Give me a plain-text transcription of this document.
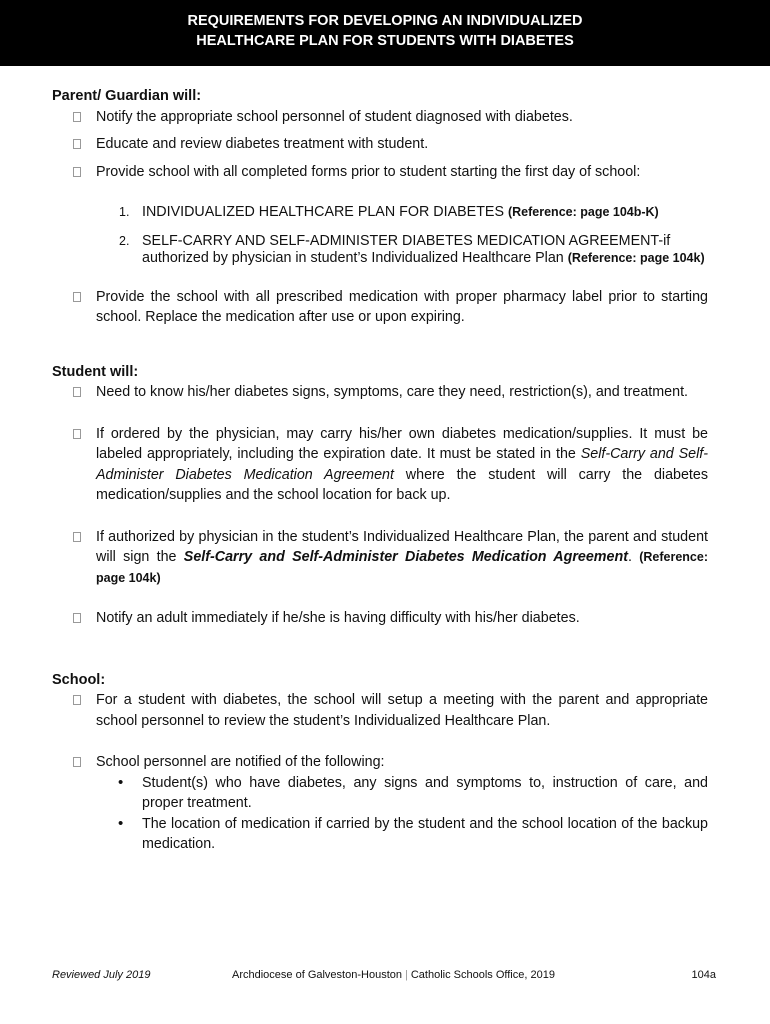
REQUIREMENTS FOR DEVELOPING AN INDIVIDUALIZED
HEALTHCARE PLAN FOR STUDENTS WITH DIABETES

Parent/ Guardian will:

Notify the appropriate school personnel of student diagnosed with diabetes.
Educate and review diabetes treatment with student.
Provide school with all completed forms prior to student starting the first day of school:
1. INDIVIDUALIZED HEALTHCARE PLAN FOR DIABETES (Reference: page 104b-K)
2. SELF-CARRY AND SELF-ADMINISTER DIABETES MEDICATION AGREEMENT-if authorized by physician in student’s Individualized Healthcare Plan (Reference: page 104k)
Provide the school with all prescribed medication with proper pharmacy label prior to starting school. Replace the medication after use or upon expiring.

Student will:

Need to know his/her diabetes signs, symptoms, care they need, restriction(s), and treatment.
If ordered by the physician, may carry his/her own diabetes medication/supplies. It must be labeled appropriately, including the expiration date. It must be stated in the Self-Carry and Self-Administer Diabetes Medication Agreement where the student will carry the diabetes medication/supplies and the school location for back up.
If authorized by physician in the student’s Individualized Healthcare Plan, the parent and student will sign the Self-Carry and Self-Administer Diabetes Medication Agreement. (Reference: page 104k)
Notify an adult immediately if he/she is having difficulty with his/her diabetes.

School:

For a student with diabetes, the school will setup a meeting with the parent and appropriate school personnel to review the student’s Individualized Healthcare Plan.
School personnel are notified of the following:
• Student(s) who have diabetes, any signs and symptoms to, instruction of care, and proper treatment.
• The location of medication if carried by the student and the school location of the backup medication.
Reviewed July 2019	Archdiocese of Galveston-Houston | Catholic Schools Office, 2019	104a
